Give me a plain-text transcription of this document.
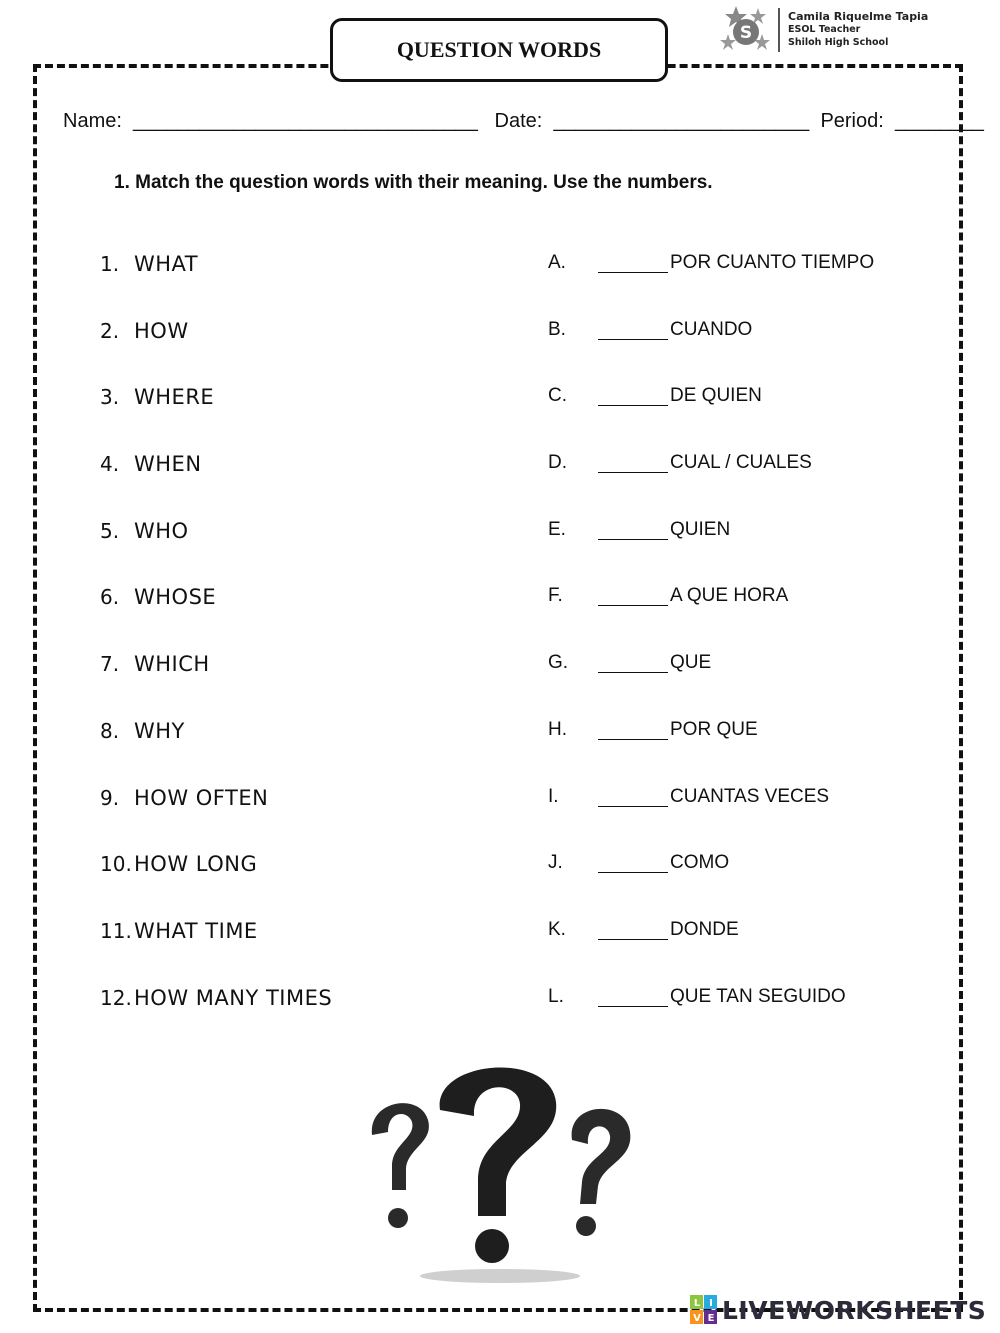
QUESTION WORDS
S
Camila Riquelme Tapia
ESOL Teacher
Shiloh High School
Name: _______________________________ Date: _______________________ Period: ________
1. Match the question words with their meaning. Use the numbers.
1. WHAT
2. HOW
3. WHERE
4. WHEN
5. WHO
6. WHOSE
7. WHICH
8. WHY
9. HOW OFTEN
10. HOW LONG
11. WHAT TIME
12. HOW MANY TIMES
A.	POR CUANTO TIEMPO
B.	CUANDO
C.	DE QUIEN
D.	CUAL / CUALES
E.	QUIEN
F.	A QUE HORA
G.	QUE
H.	POR QUE
I.	CUANTAS VECES
J.	COMO
K.	DONDE
L.	QUE TAN SEGUIDO
L I
V E LIVEWORKSHEETS
